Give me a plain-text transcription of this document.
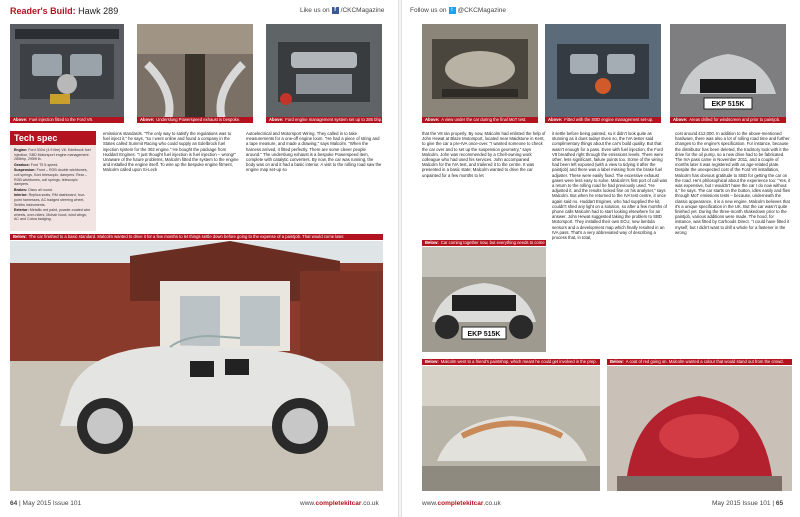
Reader's Build: Hawk 289	Like us on f /CKCMagazine
Above: Fuel injection fitted to the Ford V8.	Above: Underslung Powerspeed exhaust is bespoke.	Above: Ford engine management system set up to 285 bhp.
Tech spec

Engine: Ford 302ci (4.9 litre) V8. Edelbrock fuel injection, SBD Motorsport engine management. 285bhp, 295lft lb.

Gearbox: Ford T5 5-speed.

Suspension: Front – RGB double wishbones, coil springs, Koni telescopic, dampers. Rear – RGB wishbones, coil springs, telescopic dampers.

Brakes: Discs all round.

Interior: Replica seats, RM dashboard, four-point harnesses, AC badged steering wheel, Smiths instruments.

Exterior: Metallic red paint, powder-coated wire wheels, over-riders, Mohair hood, wind wings, AC and Cobra badging.

emissions standards. "The only way to satisfy the regulations was to fuel inject it," he says, "so I went online and found a company in the States called Summit Racing who could supply an Edelbrock fuel injection system for the 302 engine." He bought the package from Huddart Engines. "I just thought fuel injection is fuel injection – wrong!" Unaware of the future problems, Malcolm fitted the system to the engine and installed the engine itself. To wire up the bespoke engine fitment, Malcolm called upon Si-Leck

Autoelectrical and Motorsport Wiring. They called in to take measurements for a one-off engine loom. "He had a piece of string and a tape measure, and made a drawing," says Malcolm. "When the harness arrived, it fitted perfectly. There are some clever people around." The underslung exhaust is a bespoke Powerspeed item, complete with catalytic converters. By now, the car was running, the body was on and it had a basic interior. A visit to the rolling road saw the engine map set-up so

Below: The car finished to a basic standard. Malcolm wanted to drive it for a few months to let things settle down before going to the expense of a paintjob. That would come later.
64 | May 2015 Issue 101	www.completekitcar.co.uk
Follow us on t @CKCMagazine
Above: A view under the car during the final MoT test.	Above: Fitted with the SBD engine management set-up.
EKP 515K
Above: Areas drilled for windscreen and prior to paintjob.

that the V8 ran properly. By now, Malcolm had enlisted the help of John Hewat at Blaze Motorsport, located near Maidstone in Kent, to give the car a pre-IVA once-over. "I wanted someone to check the car over and to set up the suspension geometry," says Malcolm. John was recommended by a Chell-owning work colleague who had used his services. John accompanied Malcolm for the IVA test, and trailered it to the centre. It was presented in a basic state; Malcolm wanted to drive the car unpainted for a few months to let

Below: Car coming together now, but everything needs to come off for paint.
EKP 515K

it settle before being painted, so it didn't look quite as stunning as it does today! Even so, the IVA tester said complimentary things about the car's build quality. But that wasn't enough for a pass. Even with fuel injection, the Ford V8 breathed right through the emissions levels. There were other, less significant, failure points too. Some of the wiring had been left exposed (with a view to tidying it after the paintjob) and there was a label missing from the brake fuel adjuster. These were easily fixed. The excessive exhaust gases were less easy to solve. Malcolm's first port of call was a return to the rolling road he had previously used. "He adjusted it, and the results looked fine on his analyser," says Malcolm. But when he returned to the IVA test centre, it once again said no. Huddart Engines, who had supplied the kit, couldn't shed any light on a solution, so after a few months of phone calls Malcolm had to start looking elsewhere for an answer. John Hewat suggested taking the problem to SBD Motorsport. They installed their own ECU, new lambda sensors and a development map which finally resulted in an IVA pass. That's a very abbreviated way of describing a process that, in total,

cost around £12,000. In addition to the above-mentioned hardware, there was also a lot of rolling road time and further changes to the engine's specification. For instance, because the distributor has been deleted, the tracktory took with it the drive for the oil pump, so a new drive had to be fabricated. The IVA pass came in November 2011, and a couple of months later it was registered with an age-related plate. Despite the unexpected cost of the Ford V8 installation, Malcolm has obvious gratitude to SBD for getting the car on the road. He's philosophical about the experience too: "Yes, it was expensive, but I wouldn't have the car I do now without it," he says. The car starts on the button, idles easily and flies through MoT emissions tests – because, underneath the classic appearance, it is a new engine. Malcolm believes that it's a unique specification in the UK. But the car wasn't quite finished yet. During the three-month shakedown prior to the paintjob, various additions were made. The hood, for instance, was fitted by Carhoods Direct. "I could have fitted it myself, but I didn't want to drill a whole for a fastener in the wrong

Below: Malcolm went to a friend's paintshop, which meant he could get involved in the prep.	Below: A coat of red going on. Malcolm wanted a colour that would stand out from the crowd.
www.completekitcar.co.uk	May 2015 Issue 101 | 65
